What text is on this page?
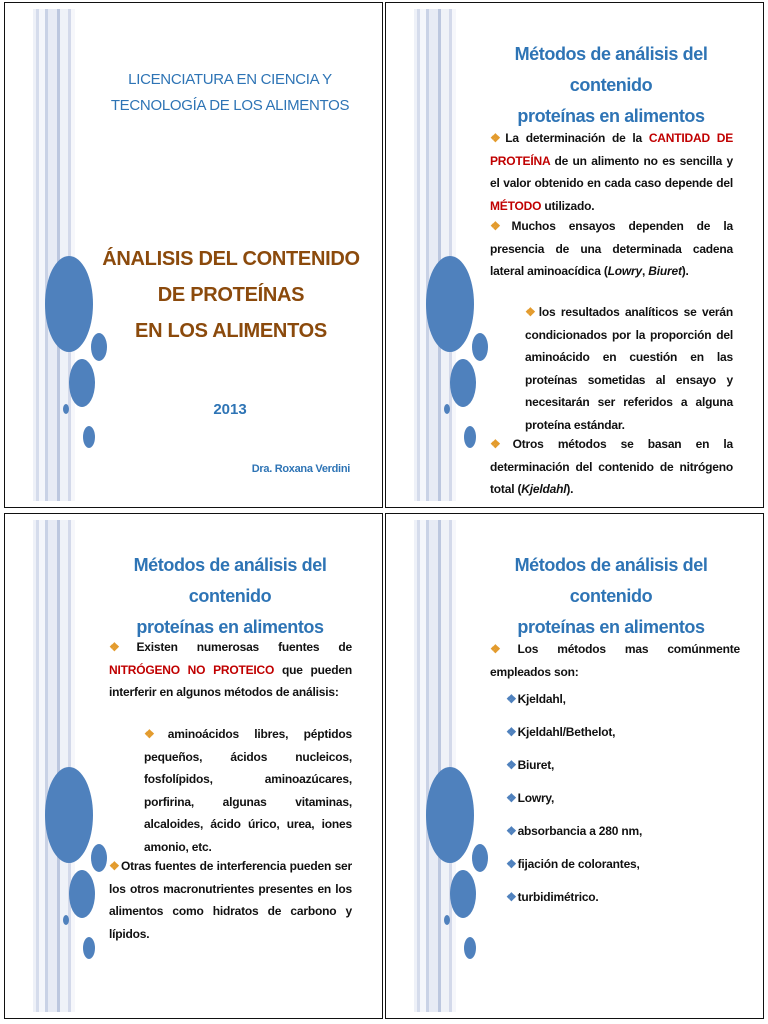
LICENCIATURA EN CIENCIA Y
TECNOLOGÍA DE LOS ALIMENTOS
ÁNALISIS DEL CONTENIDO
DE PROTEÍNAS
EN LOS ALIMENTOS
2013
Dra. Roxana Verdini
Métodos de análisis del contenido
proteínas en alimentos
❖La determinación de la CANTIDAD DE PROTEÍNA de un alimento no es sencilla y el valor obtenido en cada caso depende del MÉTODO utilizado.
❖Muchos ensayos dependen de la presencia de una determinada cadena lateral aminoacídica (Lowry, Biuret).
❖los resultados analíticos se verán condicionados por la proporción del aminoácido en cuestión en las proteínas sometidas al ensayo y necesitarán ser referidos a alguna proteína estándar.
❖Otros métodos se basan en la determinación del contenido de nitrógeno total (Kjeldahl).
Métodos de análisis del contenido
proteínas en alimentos
❖Existen numerosas fuentes de NITRÓGENO NO PROTEICO que pueden interferir en algunos métodos de análisis:
❖aminoácidos libres, péptidos pequeños, ácidos nucleicos, fosfolípidos, aminoazúcares, porfirina, algunas vitaminas, alcaloides, ácido úrico, urea, iones amonio, etc.
❖Otras fuentes de interferencia pueden ser los otros macronutrientes presentes en los alimentos como hidratos de carbono y lípidos.
Métodos de análisis del contenido
proteínas en alimentos
❖Los métodos mas comúnmente empleados son:
❖Kjeldahl,
❖Kjeldahl/Bethelot,
❖Biuret,
❖Lowry,
❖absorbancia a 280 nm,
❖fijación de colorantes,
❖turbidimétrico.
